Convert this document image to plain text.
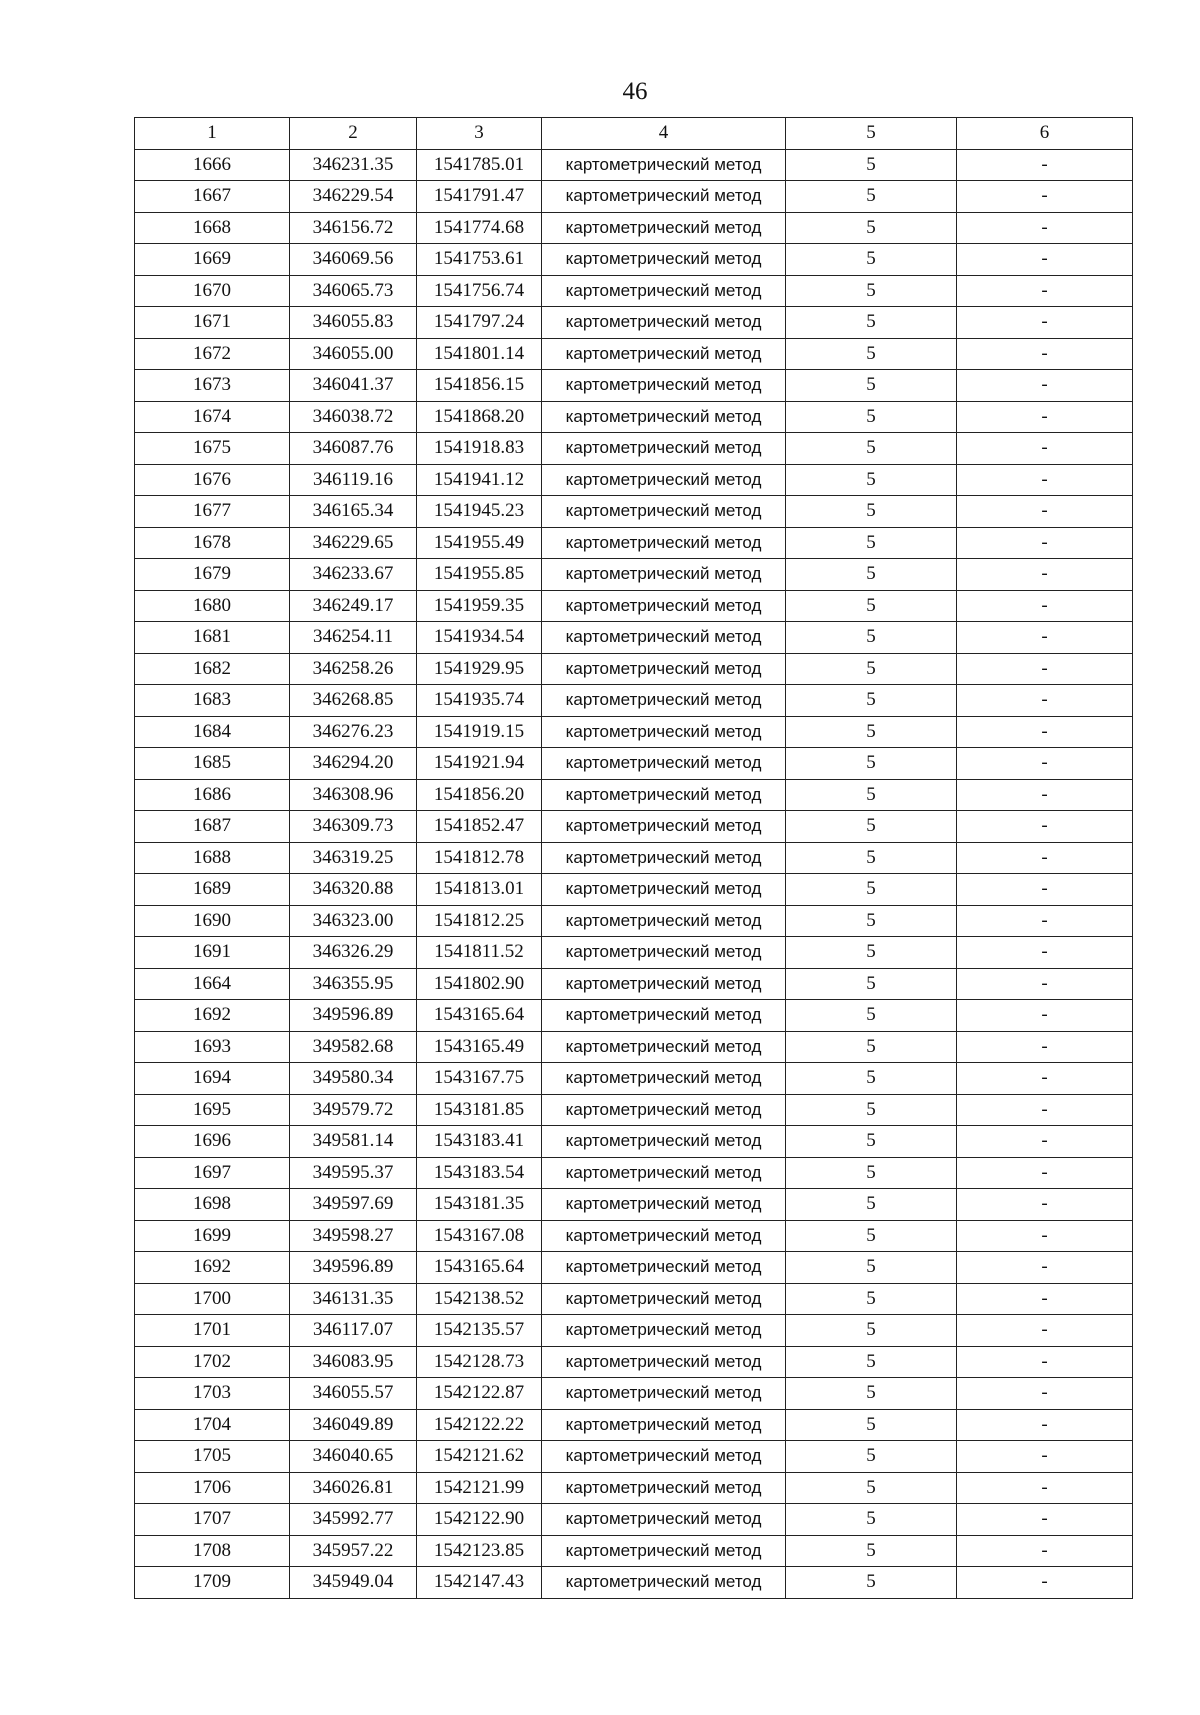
46
1	2	3	4	5	6
1666	346231.35	1541785.01	картометрический метод	5	-
1667	346229.54	1541791.47	картометрический метод	5	-
1668	346156.72	1541774.68	картометрический метод	5	-
1669	346069.56	1541753.61	картометрический метод	5	-
1670	346065.73	1541756.74	картометрический метод	5	-
1671	346055.83	1541797.24	картометрический метод	5	-
1672	346055.00	1541801.14	картометрический метод	5	-
1673	346041.37	1541856.15	картометрический метод	5	-
1674	346038.72	1541868.20	картометрический метод	5	-
1675	346087.76	1541918.83	картометрический метод	5	-
1676	346119.16	1541941.12	картометрический метод	5	-
1677	346165.34	1541945.23	картометрический метод	5	-
1678	346229.65	1541955.49	картометрический метод	5	-
1679	346233.67	1541955.85	картометрический метод	5	-
1680	346249.17	1541959.35	картометрический метод	5	-
1681	346254.11	1541934.54	картометрический метод	5	-
1682	346258.26	1541929.95	картометрический метод	5	-
1683	346268.85	1541935.74	картометрический метод	5	-
1684	346276.23	1541919.15	картометрический метод	5	-
1685	346294.20	1541921.94	картометрический метод	5	-
1686	346308.96	1541856.20	картометрический метод	5	-
1687	346309.73	1541852.47	картометрический метод	5	-
1688	346319.25	1541812.78	картометрический метод	5	-
1689	346320.88	1541813.01	картометрический метод	5	-
1690	346323.00	1541812.25	картометрический метод	5	-
1691	346326.29	1541811.52	картометрический метод	5	-
1664	346355.95	1541802.90	картометрический метод	5	-
1692	349596.89	1543165.64	картометрический метод	5	-
1693	349582.68	1543165.49	картометрический метод	5	-
1694	349580.34	1543167.75	картометрический метод	5	-
1695	349579.72	1543181.85	картометрический метод	5	-
1696	349581.14	1543183.41	картометрический метод	5	-
1697	349595.37	1543183.54	картометрический метод	5	-
1698	349597.69	1543181.35	картометрический метод	5	-
1699	349598.27	1543167.08	картометрический метод	5	-
1692	349596.89	1543165.64	картометрический метод	5	-
1700	346131.35	1542138.52	картометрический метод	5	-
1701	346117.07	1542135.57	картометрический метод	5	-
1702	346083.95	1542128.73	картометрический метод	5	-
1703	346055.57	1542122.87	картометрический метод	5	-
1704	346049.89	1542122.22	картометрический метод	5	-
1705	346040.65	1542121.62	картометрический метод	5	-
1706	346026.81	1542121.99	картометрический метод	5	-
1707	345992.77	1542122.90	картометрический метод	5	-
1708	345957.22	1542123.85	картометрический метод	5	-
1709	345949.04	1542147.43	картометрический метод	5	-
